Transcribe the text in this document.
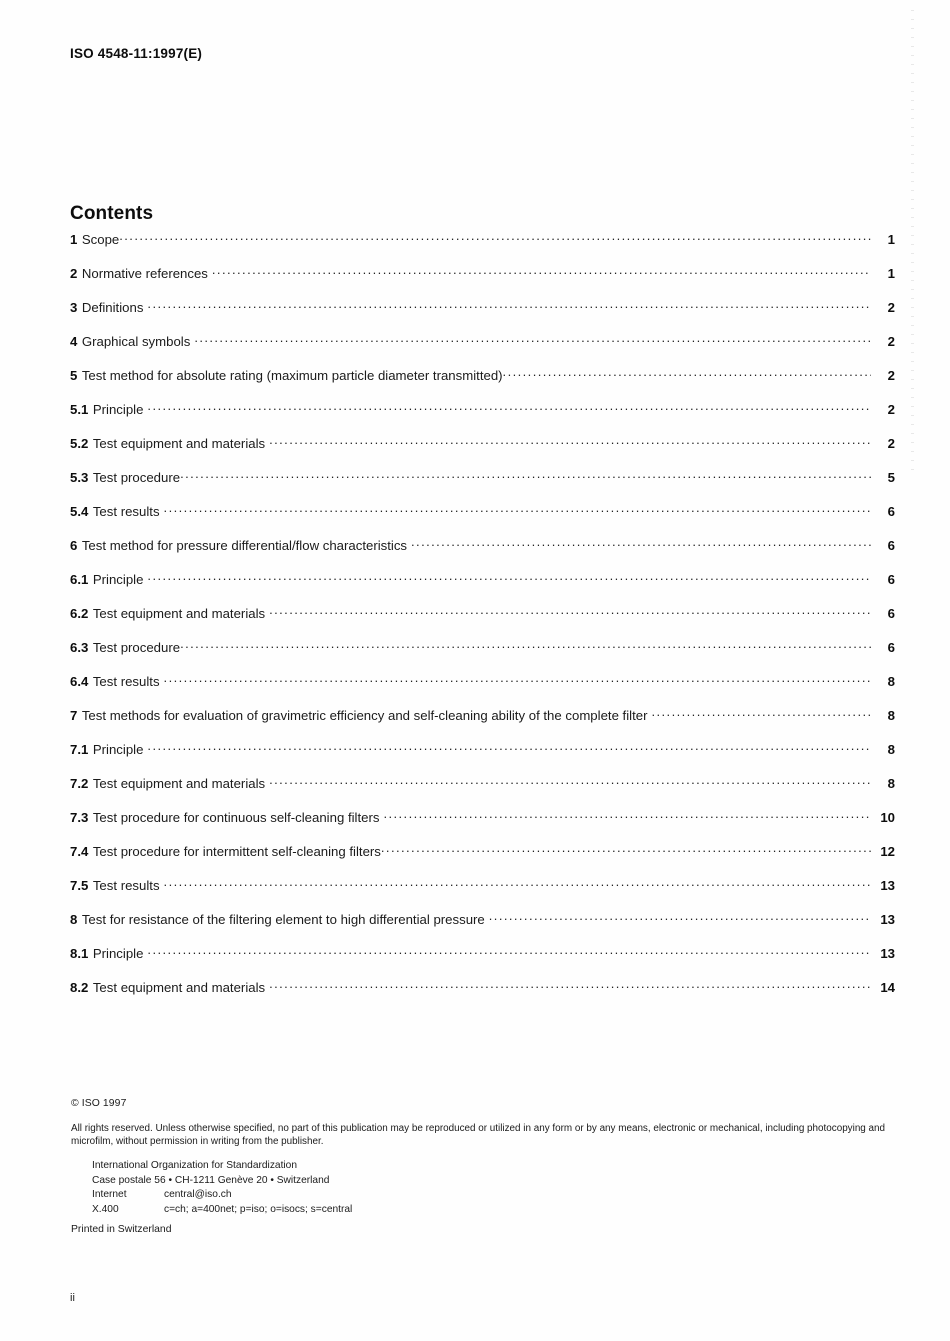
ISO 4548-11:1997(E)
Contents
1 Scope . . .	1
2 Normative references . . .	1
3 Definitions . . .	2
4 Graphical symbols . . .	2
5 Test method for absolute rating (maximum particle diameter transmitted) . . .	2
5.1 Principle . . .	2
5.2 Test equipment and materials . . .	2
5.3 Test procedure . . .	5
5.4 Test results . . .	6
6 Test method for pressure differential/flow characteristics . . .	6
6.1 Principle . . .	6
6.2 Test equipment and materials . . .	6
6.3 Test procedure . . .	6
6.4 Test results . . .	8
7 Test methods for evaluation of gravimetric efficiency and self-cleaning ability of the complete filter . . .	8
7.1 Principle . . .	8
7.2 Test equipment and materials . . .	8
7.3 Test procedure for continuous self-cleaning filters . . .	10
7.4 Test procedure for intermittent self-cleaning filters . . .	12
7.5 Test results . . .	13
8 Test for resistance of the filtering element to high differential pressure . . .	13
8.1 Principle . . .	13
8.2 Test equipment and materials . . .	14
© ISO 1997
All rights reserved. Unless otherwise specified, no part of this publication may be reproduced or utilized in any form or by any means, electronic or mechanical, including photocopying and microfilm, without permission in writing from the publisher.
International Organization for Standardization
Case postale 56 • CH-1211 Genève 20 • Switzerland
Internet	central@iso.ch
X.400	c=ch; a=400net; p=iso; o=isocs; s=central
Printed in Switzerland
ii
